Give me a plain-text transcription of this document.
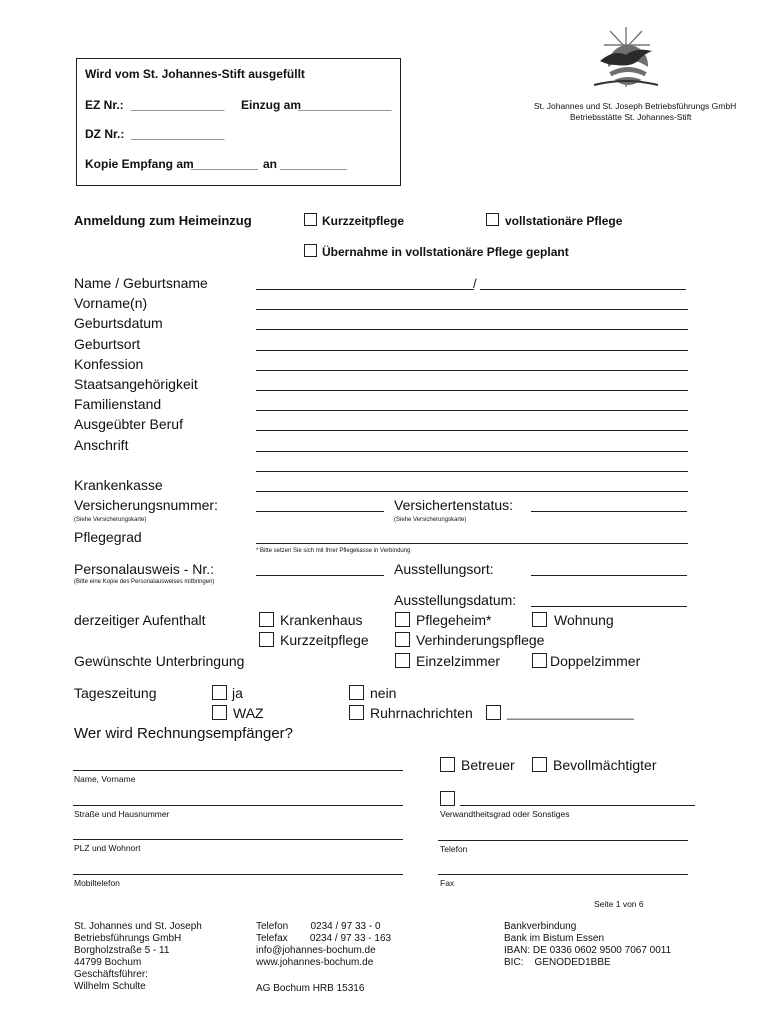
Wird vom St. Johannes-Stift ausgefüllt
EZ Nr.: ______________ Einzug am
______________
DZ Nr.: ______________
Kopie Empfang am
__________ an __________
St. Johannes und St. Joseph Betriebsführungs GmbH
Betriebsstätte St. Johannes-Stift
Anmeldung zum Heimeinzug	Kurzzeitpflege	vollstationäre Pflege
Übernahme in vollstationäre Pflege geplant
Name / Geburtsname	/
Vorname(n)
Geburtsdatum
Geburtsort
Konfession
Staatsangehörigkeit
Familienstand
Ausgeübter Beruf
Anschrift
Krankenkasse
Versicherungsnummer:	Versichertenstatus:
(Siehe Versicherungskarte)	(Siehe Versicherungskarte)
Pflegegrad
* Bitte setzen Sie sich mit Ihrer Pflegekasse in Verbindung
Personalausweis - Nr.:	Ausstellungsort:
(Bitte eine Kopie des Personalausweises mitbringen)
Ausstellungsdatum:
derzeitiger Aufenthalt	Krankenhaus	Pflegeheim*	Wohnung
Kurzzeitpflege	Verhinderungspflege
Gewünschte Unterbringung	Einzelzimmer	Doppelzimmer
Tageszeitung	ja	nein
WAZ	Ruhrnachrichten	___________________
Wer wird Rechnungsempfänger?
Betreuer	Bevollmächtigter
Name, Vorname
Straße und Hausnummer	Verwandtheitsgrad oder Sonstiges
PLZ und Wohnort	Telefon
Mobiltelefon	Fax
Seite 1 von 6
St. Johannes und St. Joseph
Betriebsführungs GmbH
Borgholzstraße 5 - 11
44799 Bochum
Geschäftsführer:
Wilhelm Schulte
Telefon        0234 / 97 33 - 0
Telefax        0234 / 97 33 - 163
info@johannes-bochum.de
www.johannes-bochum.de
AG Bochum HRB 15316
Bankverbindung
Bank im Bistum Essen
IBAN: DE 0336 0602 9500 7067 0011
BIC:    GENODED1BBE
